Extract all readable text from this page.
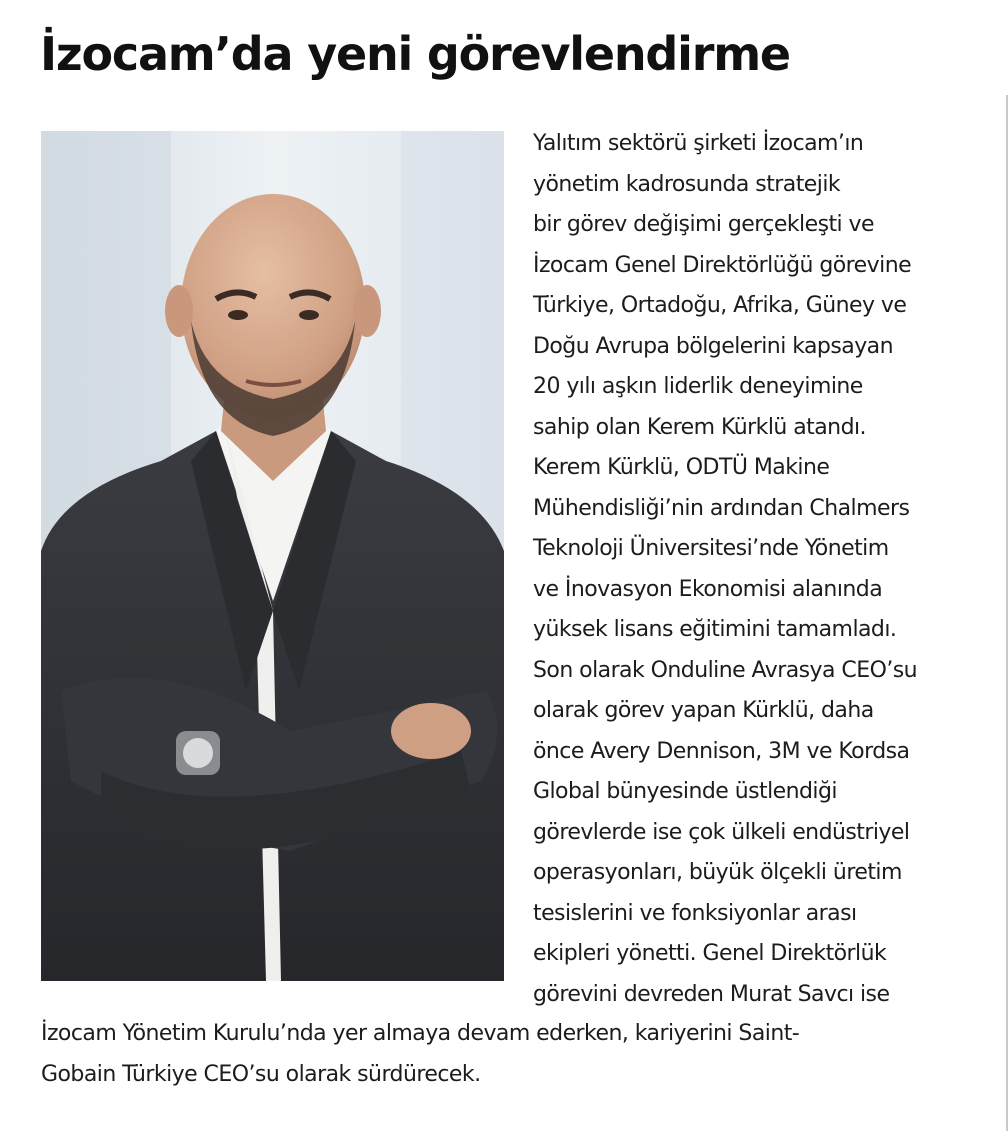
İzocam’da yeni görevlendirme
Yalıtım sektörü şirketi İzocam’ın
yönetim kadrosunda stratejik
bir görev değişimi gerçekleşti ve
İzocam Genel Direktörlüğü görevine
Türkiye, Ortadoğu, Afrika, Güney ve
Doğu Avrupa bölgelerini kapsayan
20 yılı aşkın liderlik deneyimine
sahip olan Kerem Kürklü atandı.
Kerem Kürklü, ODTÜ Makine
Mühendisliği’nin ardından Chalmers
Teknoloji Üniversitesi’nde Yönetim
ve İnovasyon Ekonomisi alanında
yüksek lisans eğitimini tamamladı.
Son olarak Onduline Avrasya CEO’su
olarak görev yapan Kürklü, daha
önce Avery Dennison, 3M ve Kordsa
Global bünyesinde üstlendiği
görevlerde ise çok ülkeli endüstriyel
operasyonları, büyük ölçekli üretim
tesislerini ve fonksiyonlar arası
ekipleri yönetti. Genel Direktörlük
görevini devreden Murat Savcı ise
İzocam Yönetim Kurulu’nda yer almaya devam ederken, kariyerini Saint-
Gobain Türkiye CEO’su olarak sürdürecek.
